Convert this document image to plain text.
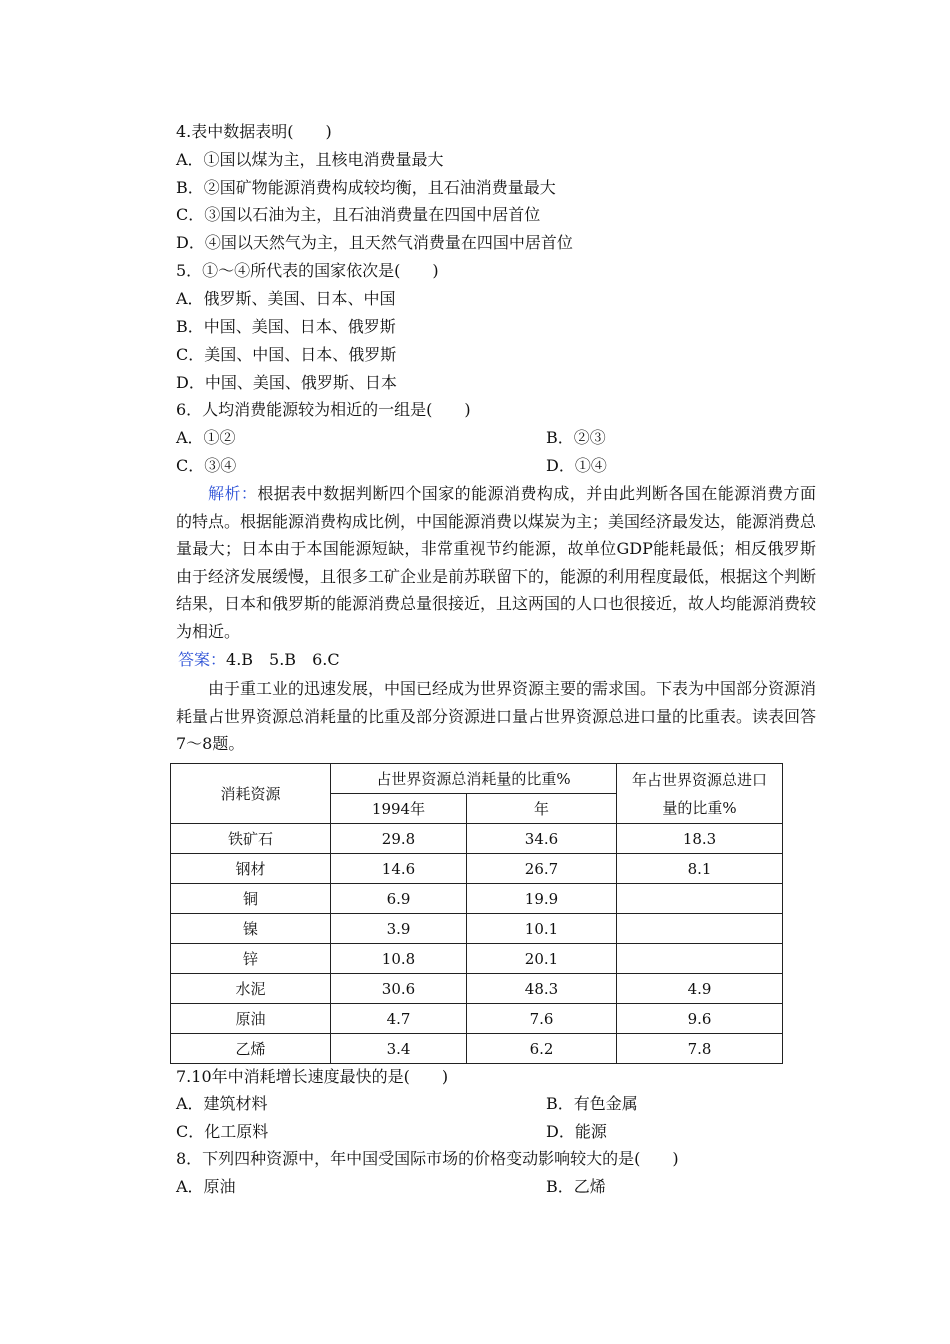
4.表中数据表明(　　)
A．①国以煤为主，且核电消费量最大
B．②国矿物能源消费构成较均衡，且石油消费量最大
C．③国以石油为主，且石油消费量在四国中居首位
D．④国以天然气为主，且天然气消费量在四国中居首位
5．①～④所代表的国家依次是(　　)
A．俄罗斯、美国、日本、中国
B．中国、美国、日本、俄罗斯
C．美国、中国、日本、俄罗斯
D．中国、美国、俄罗斯、日本
6．人均消费能源较为相近的一组是(　　)
A．①②	B．②③
C．③④	D．①④
解析：根据表中数据判断四个国家的能源消费构成，并由此判断各国在能源消费方面的特点。根据能源消费构成比例，中国能源消费以煤炭为主；美国经济最发达，能源消费总量最大；日本由于本国能源短缺，非常重视节约能源，故单位GDP能耗最低；相反俄罗斯由于经济发展缓慢，且很多工矿企业是前苏联留下的，能源的利用程度最低，根据这个判断结果，日本和俄罗斯的能源消费总量很接近，且这两国的人口也很接近，故人均能源消费较为相近。
答案：4.B　5.B　6.C
由于重工业的迅速发展，中国已经成为世界资源主要的需求国。下表为中国部分资源消耗量占世界资源总消耗量的比重及部分资源进口量占世界资源总进口量的比重表。读表回答7～8题。
消耗资源	占世界资源总消耗量的比重%		年占世界资源总进口量的比重%
	1994年	年	
铁矿石	29.8	34.6	18.3
钢材	14.6	26.7	8.1
铜	6.9	19.9	
镍	3.9	10.1	
锌	10.8	20.1	
水泥	30.6	48.3	4.9
原油	4.7	7.6	9.6
乙烯	3.4	6.2	7.8
7.10年中消耗增长速度最快的是(　　)
A．建筑材料	B．有色金属
C．化工原料	D．能源
8．下列四种资源中，年中国受国际市场的价格变动影响较大的是(　　)
A．原油	B．乙烯
